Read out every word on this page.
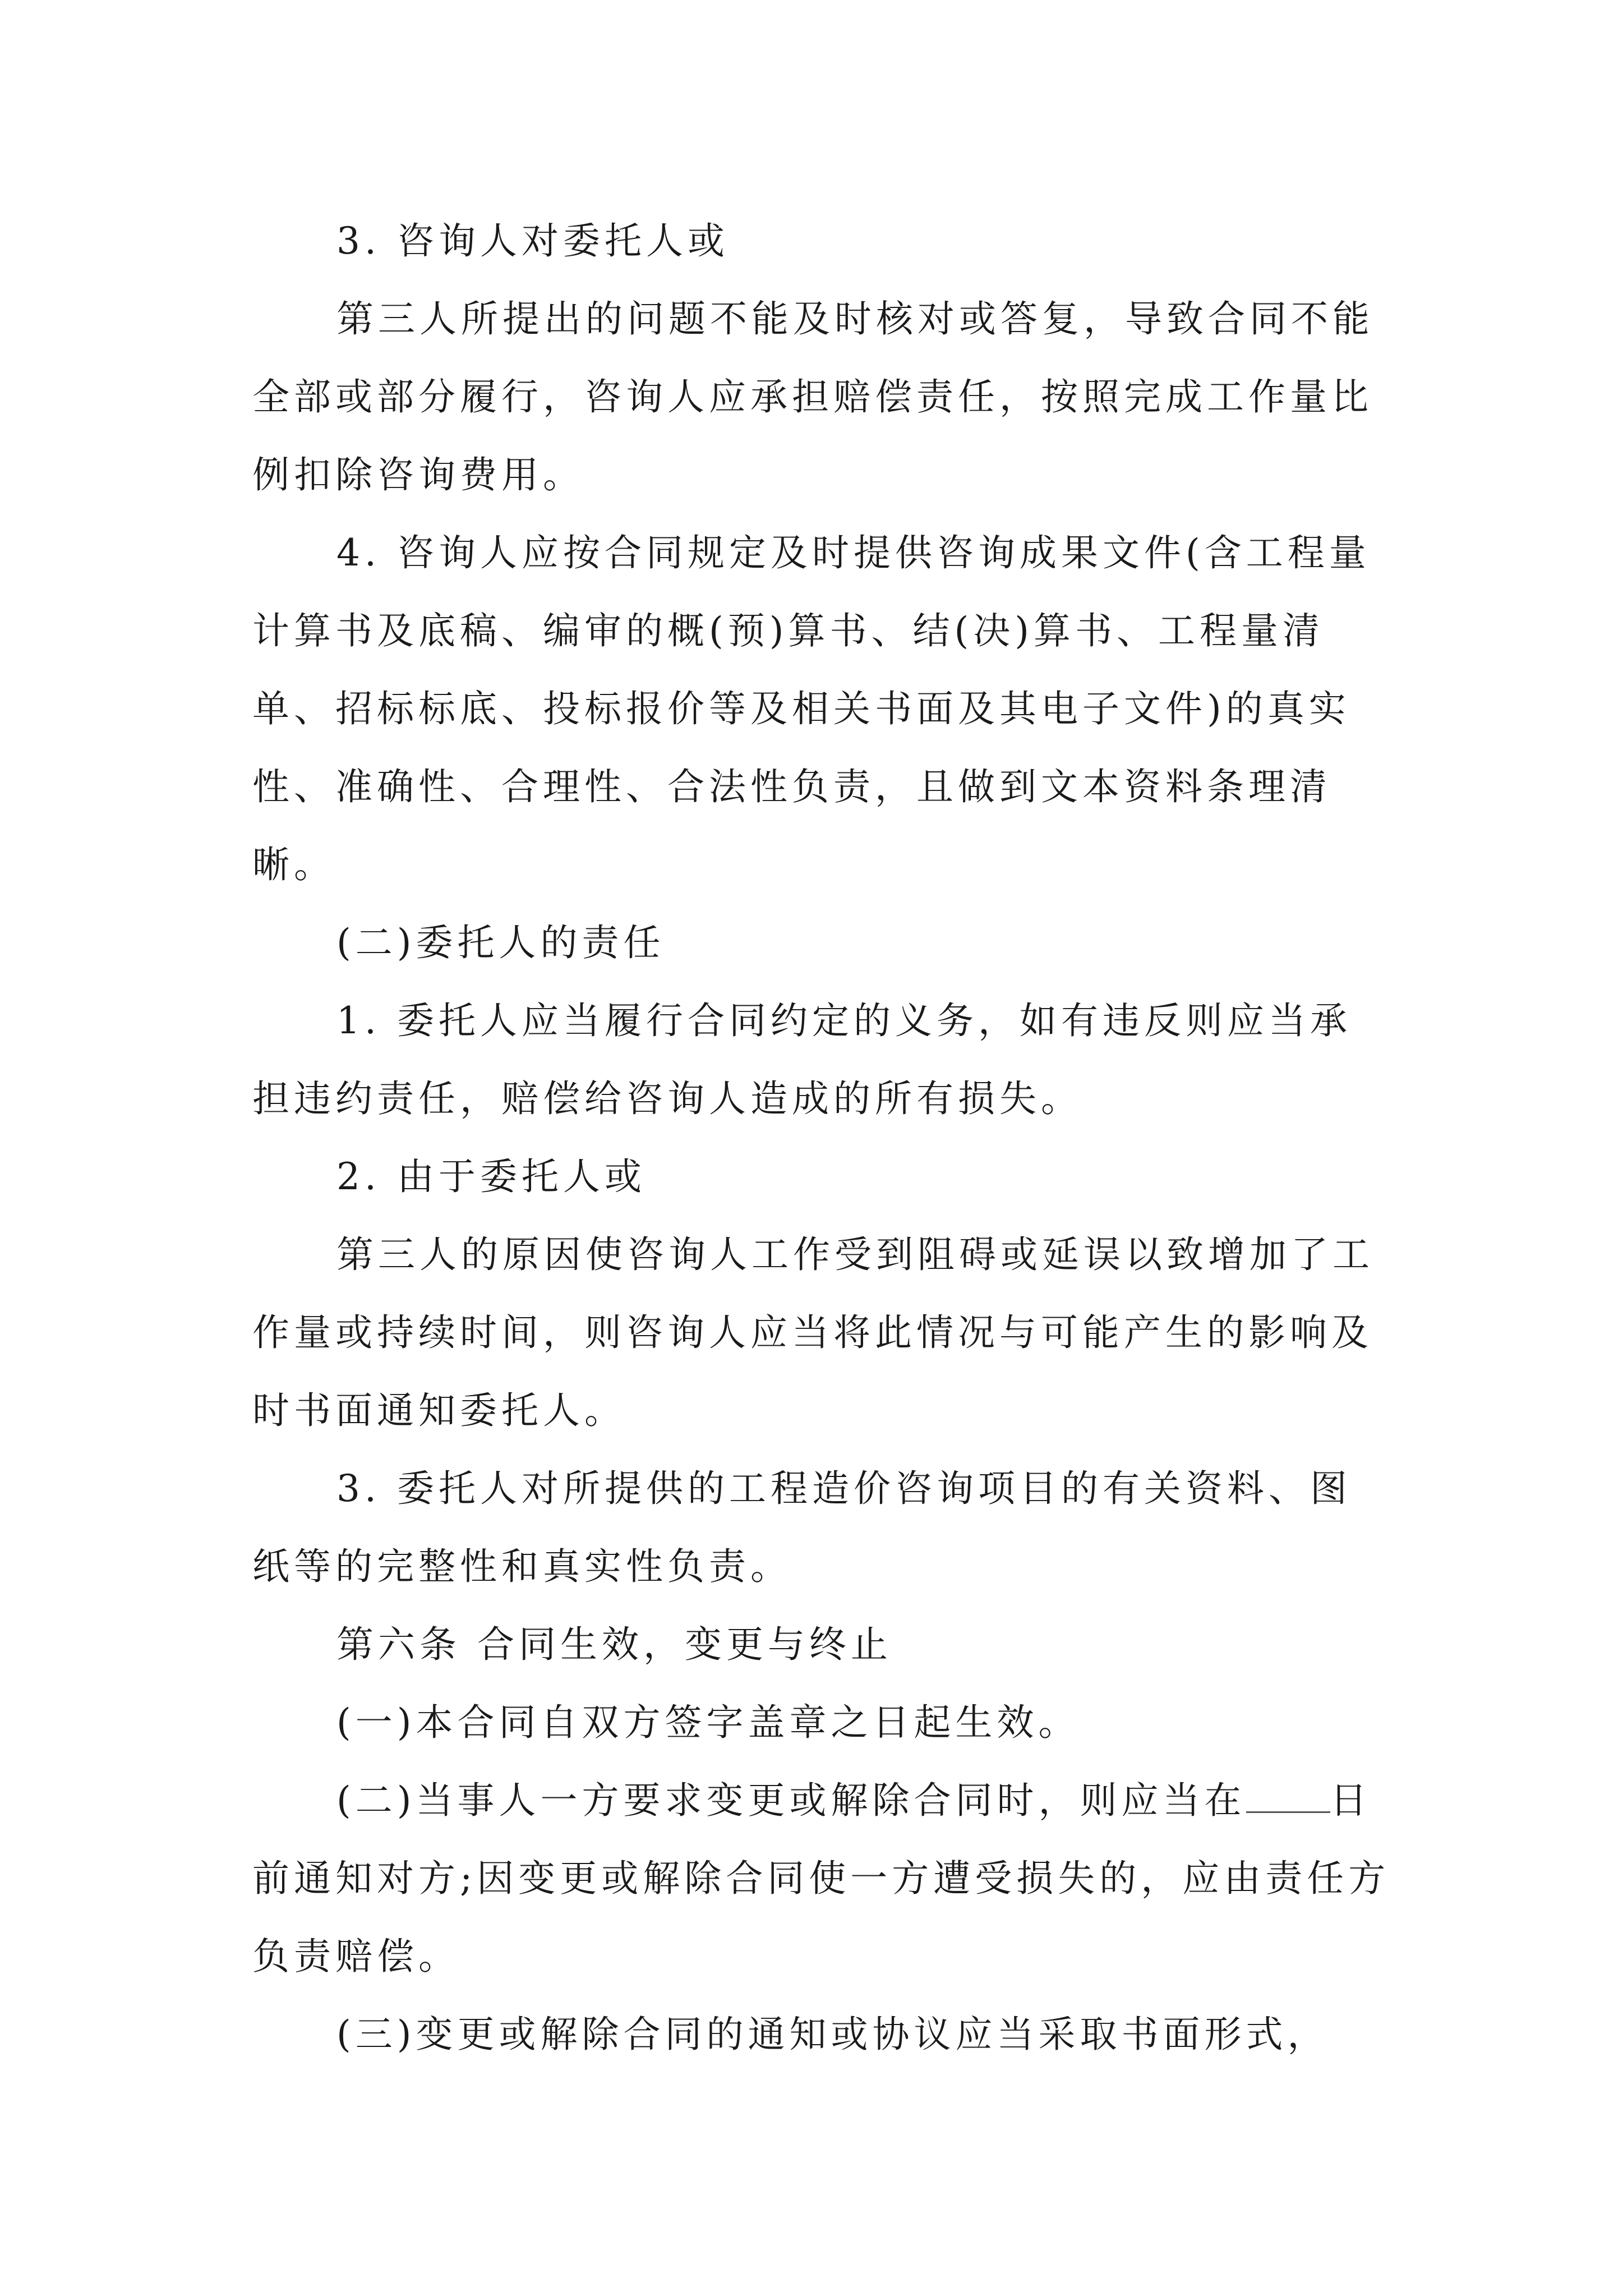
3. 咨询人对委托人或

第三人所提出的问题不能及时核对或答复，导致合同不能全部或部分履行，咨询人应承担赔偿责任，按照完成工作量比例扣除咨询费用。

4. 咨询人应按合同规定及时提供咨询成果文件(含工程量计算书及底稿、编审的概(预)算书、结(决)算书、工程量清单、招标标底、投标报价等及相关书面及其电子文件)的真实性、准确性、合理性、合法性负责，且做到文本资料条理清晰。

(二)委托人的责任

1. 委托人应当履行合同约定的义务，如有违反则应当承担违约责任，赔偿给咨询人造成的所有损失。

2. 由于委托人或

第三人的原因使咨询人工作受到阻碍或延误以致增加了工作量或持续时间，则咨询人应当将此情况与可能产生的影响及时书面通知委托人。

3. 委托人对所提供的工程造价咨询项目的有关资料、图纸等的完整性和真实性负责。

第六条 合同生效，变更与终止

(一)本合同自双方签字盖章之日起生效。

(二)当事人一方要求变更或解除合同时，则应当在 日前通知对方;因变更或解除合同使一方遭受损失的，应由责任方负责赔偿。

(三)变更或解除合同的通知或协议应当采取书面形式，
